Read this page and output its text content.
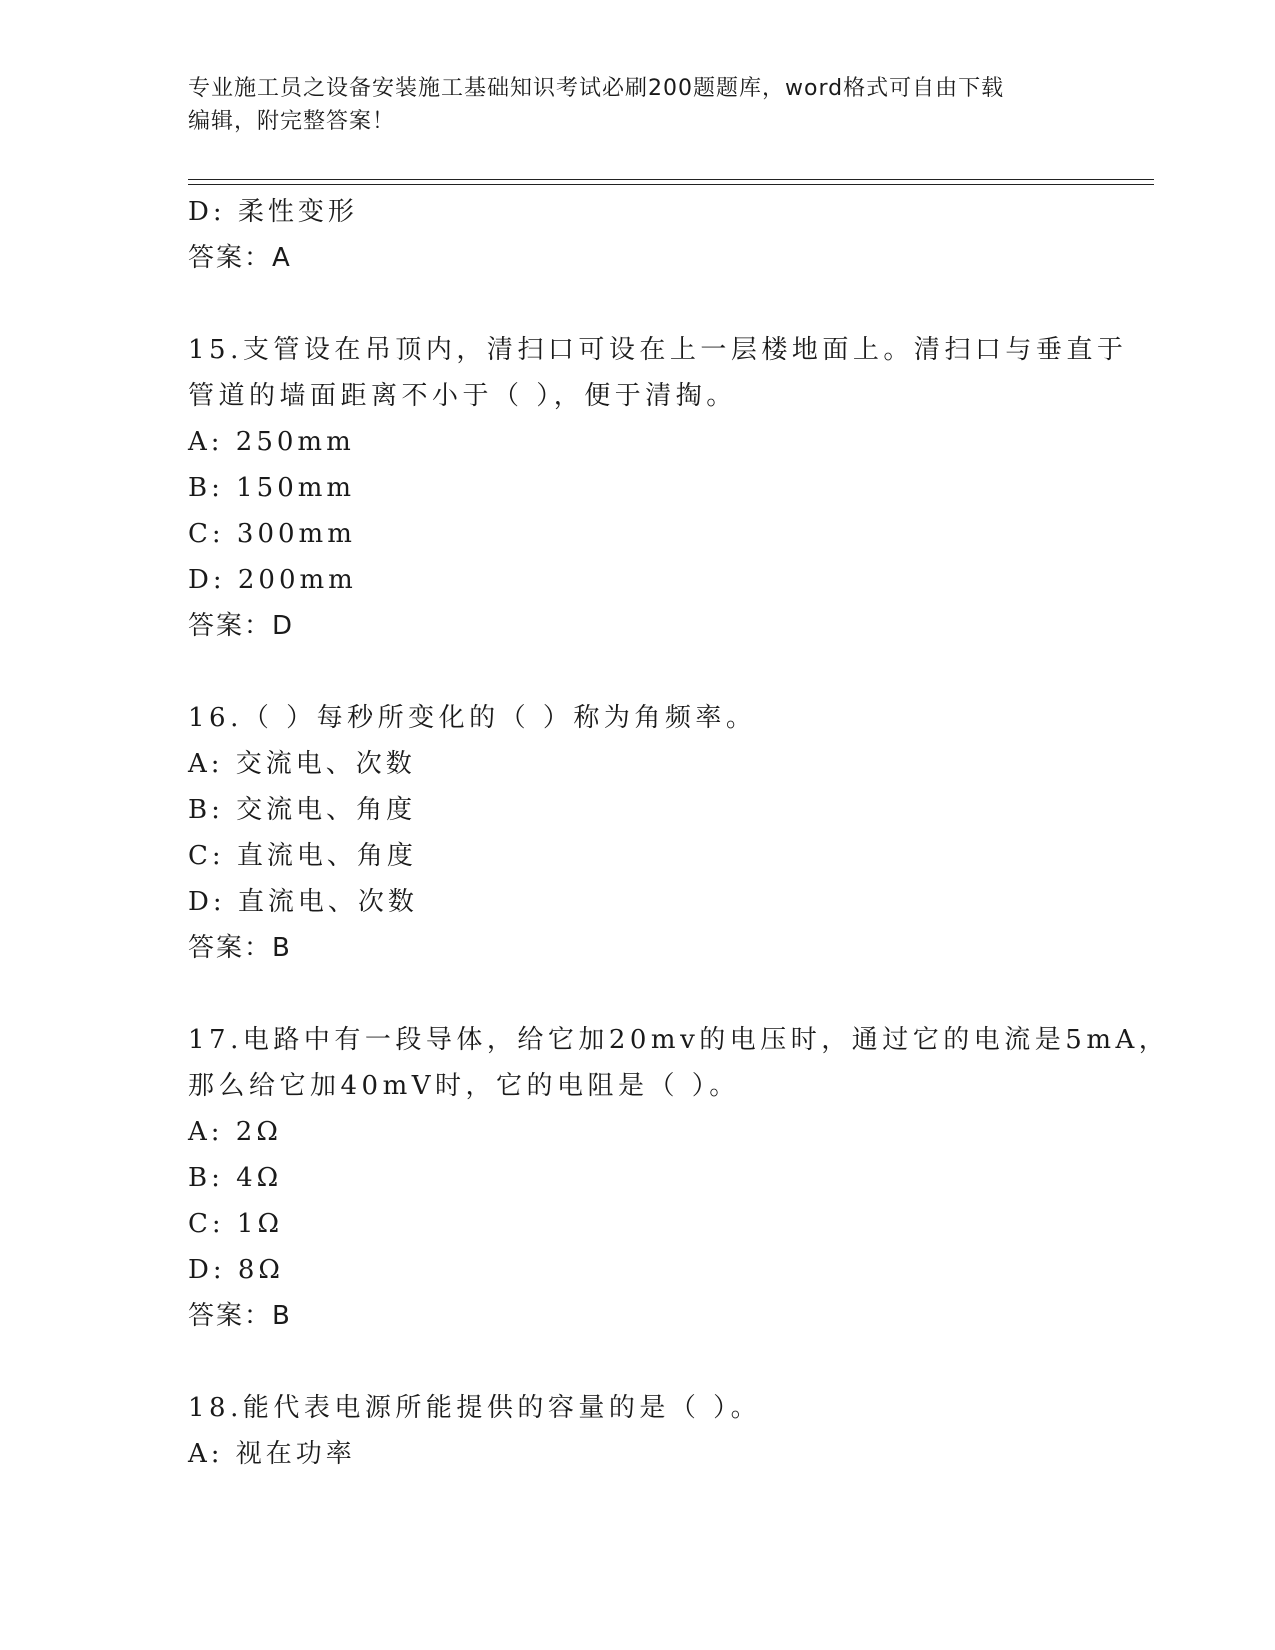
专业施工员之设备安装施工基础知识考试必刷200题题库，word格式可自由下载
编辑，附完整答案！
D: 柔性变形
答案：A
15.支管设在吊顶内，清扫口可设在上一层楼地面上。清扫口与垂直于
管道的墙面距离不小于（ ），便于清掏。
A: 250mm
B: 150mm
C: 300mm
D: 200mm
答案：D
16.（ ）每秒所变化的（ ）称为角频率。
A: 交流电、次数
B: 交流电、角度
C: 直流电、角度
D: 直流电、次数
答案：B
17.电路中有一段导体，给它加20mv的电压时，通过它的电流是5mA，
那么给它加40mV时，它的电阻是（ ）。
A: 2Ω
B: 4Ω
C: 1Ω
D: 8Ω
答案：B
18.能代表电源所能提供的容量的是（ ）。
A: 视在功率
